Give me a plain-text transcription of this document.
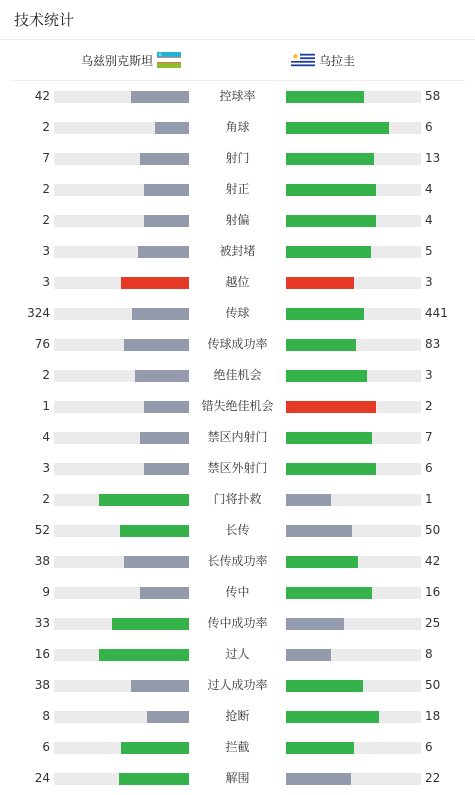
技术统计
乌兹别克斯坦	乌拉圭
42	控球率	58
2	角球	6
7	射门	13
2	射正	4
2	射偏	4
3	被封堵	5
3	越位	3
324	传球	441
76	传球成功率	83
2	绝佳机会	3
1	错失绝佳机会	2
4	禁区内射门	7
3	禁区外射门	6
2	门将扑救	1
52	长传	50
38	长传成功率	42
9	传中	16
33	传中成功率	25
16	过人	8
38	过人成功率	50
8	抢断	18
6	拦截	6
24	解围	22
